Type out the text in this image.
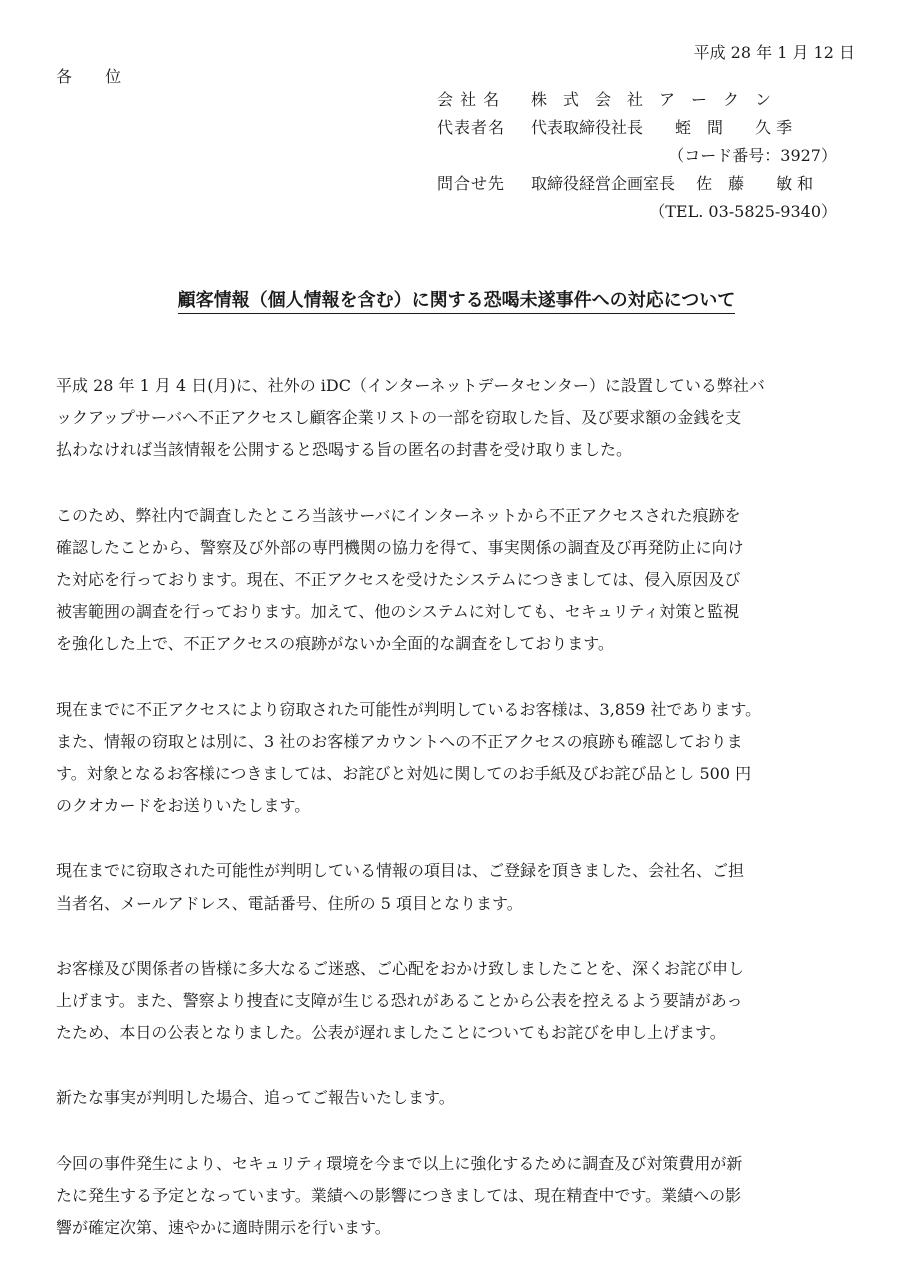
平成 28 年 1 月 12 日
各 位
会 社 名	株　式　会　社　ア　ー　ク　ン
代表者名	代表取締役社長　　蛭　間　　久 季
（コード番号：3927）
問合せ先	取締役経営企画室長　 佐　藤　　敏 和
（TEL. 03-5825-9340）
顧客情報（個人情報を含む）に関する恐喝未遂事件への対応について
平成 28 年 1 月 4 日(月)に、社外の iDC（インターネットデータセンター）に設置している弊社バ
ックアップサーバへ不正アクセスし顧客企業リストの一部を窃取した旨、及び要求額の金銭を支
払わなければ当該情報を公開すると恐喝する旨の匿名の封書を受け取りました。
このため、弊社内で調査したところ当該サーバにインターネットから不正アクセスされた痕跡を
確認したことから、警察及び外部の専門機関の協力を得て、事実関係の調査及び再発防止に向け
た対応を行っております。現在、不正アクセスを受けたシステムにつきましては、侵入原因及び
被害範囲の調査を行っております。加えて、他のシステムに対しても、セキュリティ対策と監視
を強化した上で、不正アクセスの痕跡がないか全面的な調査をしております。
現在までに不正アクセスにより窃取された可能性が判明しているお客様は、3,859 社であります。
また、情報の窃取とは別に、3 社のお客様アカウントへの不正アクセスの痕跡も確認しておりま
す。対象となるお客様につきましては、お詫びと対処に関してのお手紙及びお詫び品とし 500 円
のクオカードをお送りいたします。
現在までに窃取された可能性が判明している情報の項目は、ご登録を頂きました、会社名、ご担
当者名、メールアドレス、電話番号、住所の 5 項目となります。
お客様及び関係者の皆様に多大なるご迷惑、ご心配をおかけ致しましたことを、深くお詫び申し
上げます。また、警察より捜査に支障が生じる恐れがあることから公表を控えるよう要請があっ
たため、本日の公表となりました。公表が遅れましたことについてもお詫びを申し上げます。
新たな事実が判明した場合、追ってご報告いたします。
今回の事件発生により、セキュリティ環境を今まで以上に強化するために調査及び対策費用が新
たに発生する予定となっています。業績への影響につきましては、現在精査中です。業績への影
響が確定次第、速やかに適時開示を行います。
